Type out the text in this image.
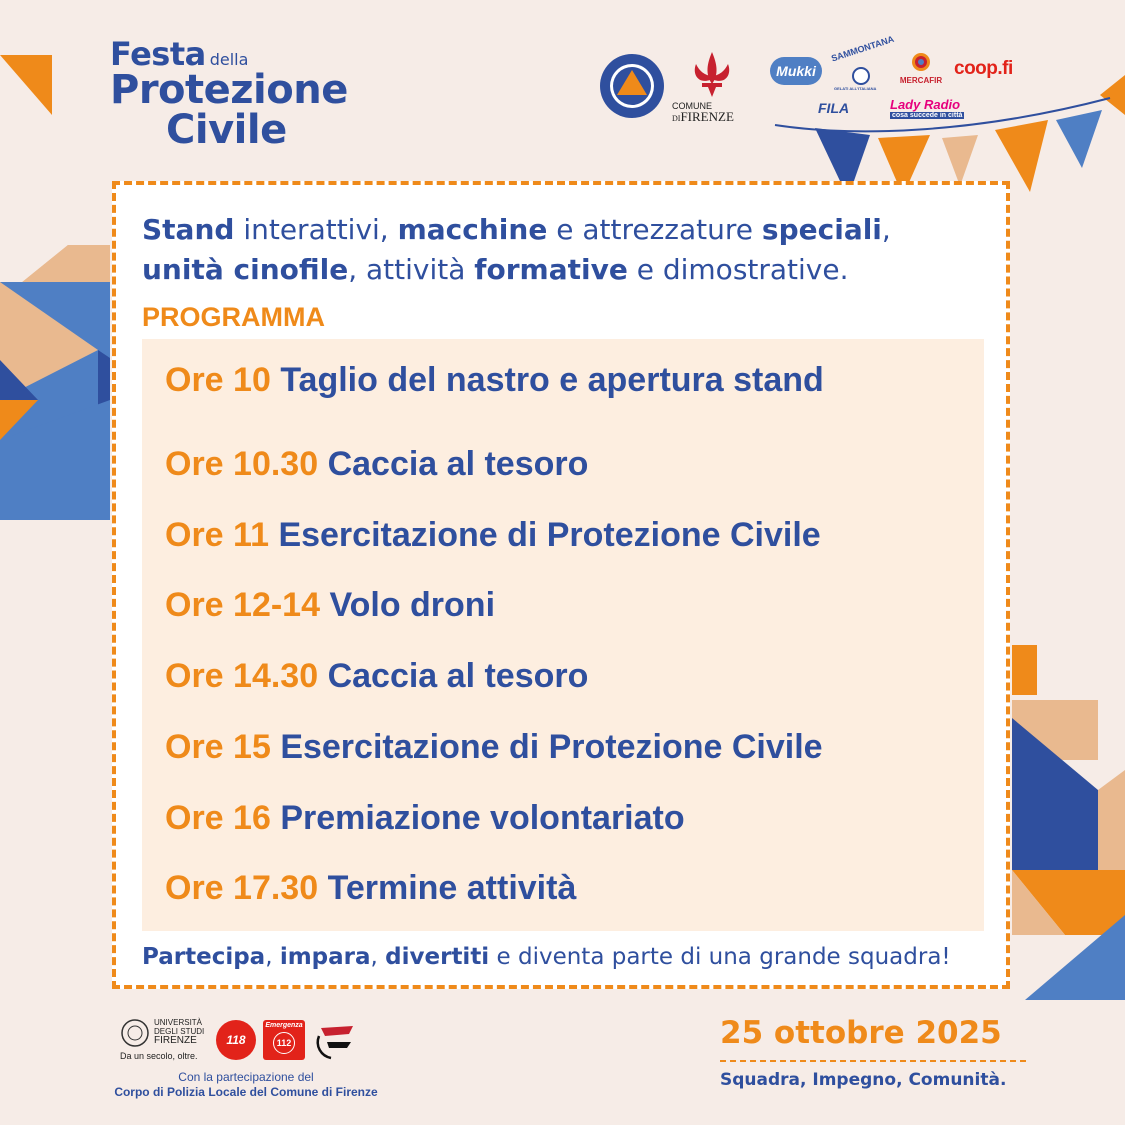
Festa della
Protezione
Civile
COMUNE
DIFIRENZE
Mukki
SAMMONTANA
GELATI ALL'ITALIANA
MERCAFIR
coop.fi
FILA	Lady Radio
cosa succede in città
Stand interattivi, macchine e attrezzature speciali,
unità cinofile, attività formative e dimostrative.
PROGRAMMA
Ore 10 Taglio del nastro e apertura stand
Ore 10.30 Caccia al tesoro
Ore 11 Esercitazione di Protezione Civile
Ore 12-14 Volo droni
Ore 14.30 Caccia al tesoro
Ore 15 Esercitazione di Protezione Civile
Ore 16 Premiazione volontariato
Ore 17.30 Termine attività
Partecipa, impara, divertiti e diventa parte di una grande squadra!
UNIVERSITÀ
DEGLI STUDI
FIRENZE
Da un secolo, oltre.
118
Emergenza
112
Con la partecipazione del
Corpo di Polizia Locale del Comune di Firenze
25 ottobre 2025
Squadra, Impegno, Comunità.
